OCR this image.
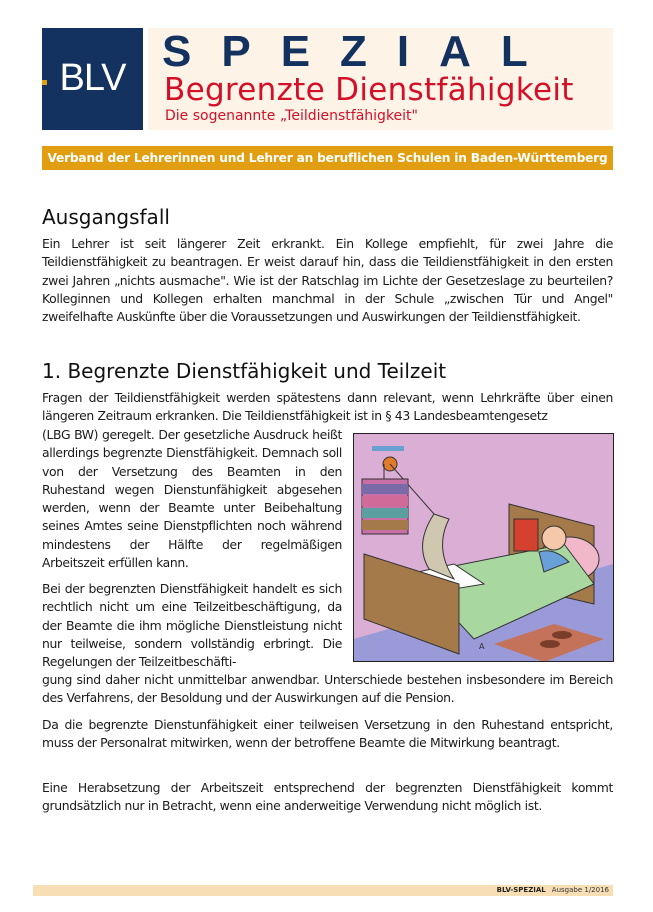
BLV
SPEZIAL
Begrenzte Dienstfähigkeit
Die sogenannte „Teildienstfähigkeit"
Verband der Lehrerinnen und Lehrer an beruflichen Schulen in Baden-Württemberg e.V.
Ausgangsfall

Ein Lehrer ist seit längerer Zeit erkrankt. Ein Kollege empfiehlt, für zwei Jahre die Teildienstfähigkeit zu beantragen. Er weist darauf hin, dass die Teildienstfähigkeit in den ersten zwei Jahren „nichts ausmache". Wie ist der Ratschlag im Lichte der Gesetzeslage zu beurteilen? Kolleginnen und Kollegen erhalten manchmal in der Schule „zwischen Tür und Angel" zweifelhafte Auskünfte über die Voraussetzungen und Auswirkungen der Teildienstfähigkeit.

1. Begrenzte Dienstfähigkeit und Teilzeit

Fragen der Teildienstfähigkeit werden spätestens dann relevant, wenn Lehrkräfte über einen längeren Zeitraum erkranken. Die Teildienstfähigkeit ist in § 43 Landesbeamtengesetz

(LBG BW) geregelt. Der gesetzliche Ausdruck heißt allerdings begrenzte Dienstfähigkeit. Demnach soll von der Versetzung des Beamten in den Ruhestand wegen Dienstunfähigkeit abgesehen werden, wenn der Beamte unter Beibehaltung seines Amtes seine Dienstpflichten noch während mindestens der Hälfte der regelmäßigen Arbeitszeit erfüllen kann.

Bei der begrenzten Dienstfähigkeit handelt es sich rechtlich nicht um eine Teilzeitbeschäftigung, da der Beamte die ihm mögliche Dienstleistung nicht nur teilweise, sondern vollständig erbringt. Die Regelungen der Teilzeitbeschäfti-

gung sind daher nicht unmittelbar anwendbar. Unterschiede bestehen insbesondere im Bereich des Verfahrens, der Besoldung und der Auswirkungen auf die Pension.

Da die begrenzte Dienstunfähigkeit einer teilweisen Versetzung in den Ruhestand entspricht, muss der Personalrat mitwirken, wenn der betroffene Beamte die Mitwirkung beantragt.

Eine Herabsetzung der Arbeitszeit entsprechend der begrenzten Dienstfähigkeit kommt grundsätzlich nur in Betracht, wenn eine anderweitige Verwendung nicht möglich ist.

A
BLV-SPEZIAL Ausgabe 1/2016
